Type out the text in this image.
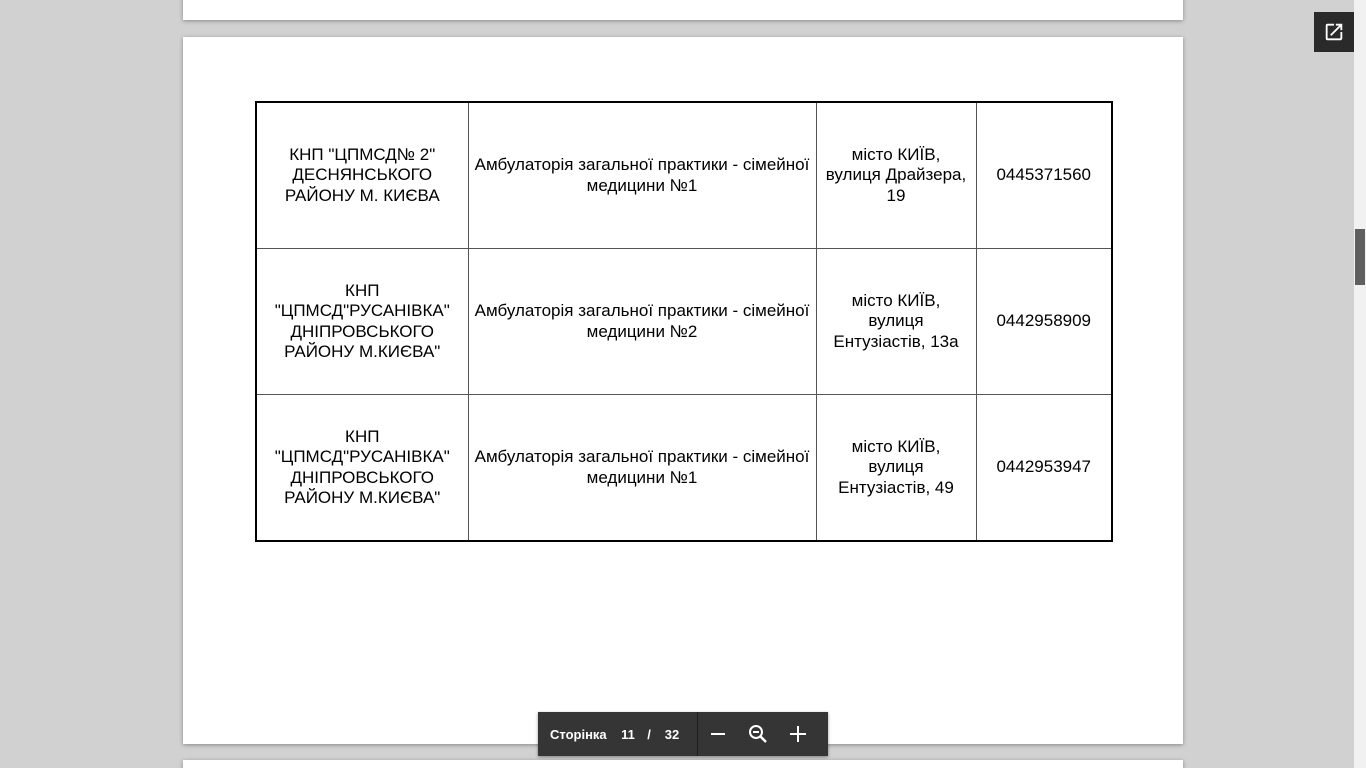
КНП "ЦПМСД№ 2" ДЕСНЯНСЬКОГО РАЙОНУ М. КИЄВА	Амбулаторія загальної практики - сімейної медицини №1	місто КИЇВ, вулиця Драйзера, 19	0445371560
КНП "ЦПМСД"РУСАНІВКА" ДНІПРОВСЬКОГО РАЙОНУ М.КИЄВА"	Амбулаторія загальної практики - сімейної медицини №2	місто КИЇВ, вулиця Ентузіастів, 13а	0442958909
КНП "ЦПМСД"РУСАНІВКА" ДНІПРОВСЬКОГО РАЙОНУ М.КИЄВА"	Амбулаторія загальної практики - сімейної медицини №1	місто КИЇВ, вулиця Ентузіастів, 49	0442953947
Сторінка	11 /	32
